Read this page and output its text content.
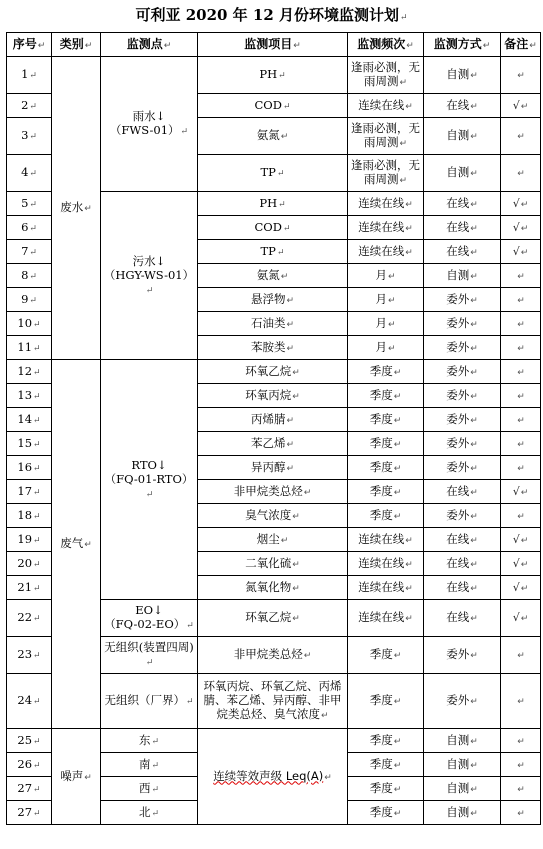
可利亚 2020 年 12 月份环境监测计划↵
序号↵	类别↵	监测点↵	监测项目↵	监测频次↵	监测方式↵	备注↵
1↵	废水↵	雨水↓
（FWS-01）↵	PH↵	逢雨必测，无雨周测↵	自测↵	↵
2↵			COD↵	连续在线↵	在线↵	√↵
3↵			氨氮↵	逢雨必测，无雨周测↵	自测↵	↵
4↵			TP↵	逢雨必测，无雨周测↵	自测↵	↵
5↵		污水↓
（HGY-WS-01）↵	PH↵	连续在线↵	在线↵	√↵
6↵			COD↵	连续在线↵	在线↵	√↵
7↵			TP↵	连续在线↵	在线↵	√↵
8↵			氨氮↵	月↵	自测↵	↵
9↵			悬浮物↵	月↵	委外↵	↵
10↵			石油类↵	月↵	委外↵	↵
11↵			苯胺类↵	月↵	委外↵	↵
12↵	废气↵	RTO↓
（FQ-01-RTO）↵	环氧乙烷↵	季度↵	委外↵	↵
13↵			环氧丙烷↵	季度↵	委外↵	↵
14↵			丙烯腈↵	季度↵	委外↵	↵
15↵			苯乙烯↵	季度↵	委外↵	↵
16↵			异丙醇↵	季度↵	委外↵	↵
17↵			非甲烷类总烃↵	季度↵	在线↵	√↵
18↵			臭气浓度↵	季度↵	委外↵	↵
19↵			烟尘↵	连续在线↵	在线↵	√↵
20↵			二氧化硫↵	连续在线↵	在线↵	√↵
21↵			氮氧化物↵	连续在线↵	在线↵	√↵
22↵		EO↓
（FQ-02-EO）↵	环氧乙烷↵	连续在线↵	在线↵	√↵
23↵		无组织(装置四周)↵	非甲烷类总烃↵	季度↵	委外↵	↵
24↵		无组织（厂界）↵	环氧丙烷、环氧乙烷、丙烯腈、苯乙烯、异丙醇、非甲烷类总烃、臭气浓度↵	季度↵	委外↵	↵
25↵	噪声↵	东↵	连续等效声级 Leq(A)↵	季度↵	自测↵	↵
26↵		南↵		季度↵	自测↵	↵
27↵		西↵		季度↵	自测↵	↵
27↵		北↵		季度↵	自测↵	↵
